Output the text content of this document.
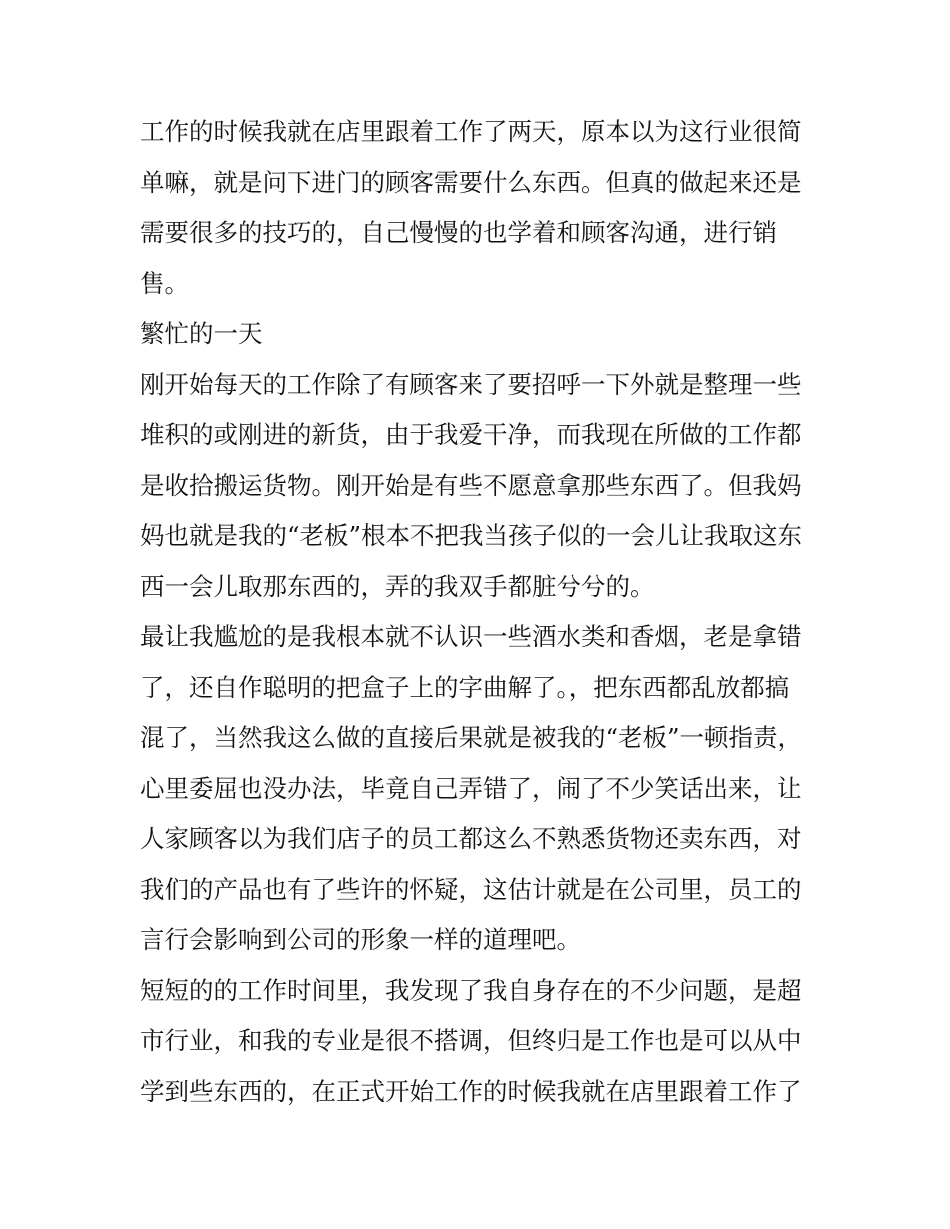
工作的时候我就在店里跟着工作了两天，原本以为这行业很简
单嘛，就是问下进门的顾客需要什么东西。但真的做起来还是
需要很多的技巧的，自己慢慢的也学着和顾客沟通，进行销
售。
繁忙的一天
刚开始每天的工作除了有顾客来了要招呼一下外就是整理一些
堆积的或刚进的新货，由于我爱干净，而我现在所做的工作都
是收拾搬运货物。刚开始是有些不愿意拿那些东西了。但我妈
妈也就是我的“老板”根本不把我当孩子似的一会儿让我取这东
西一会儿取那东西的，弄的我双手都脏兮兮的。
最让我尴尬的是我根本就不认识一些酒水类和香烟，老是拿错
了，还自作聪明的把盒子上的字曲解了。，把东西都乱放都搞
混了，当然我这么做的直接后果就是被我的“老板”一顿指责，
心里委屈也没办法，毕竟自己弄错了，闹了不少笑话出来，让
人家顾客以为我们店子的员工都这么不熟悉货物还卖东西，对
我们的产品也有了些许的怀疑，这估计就是在公司里，员工的
言行会影响到公司的形象一样的道理吧。
短短的的工作时间里，我发现了我自身存在的不少问题，是超
市行业，和我的专业是很不搭调，但终归是工作也是可以从中
学到些东西的，在正式开始工作的时候我就在店里跟着工作了
